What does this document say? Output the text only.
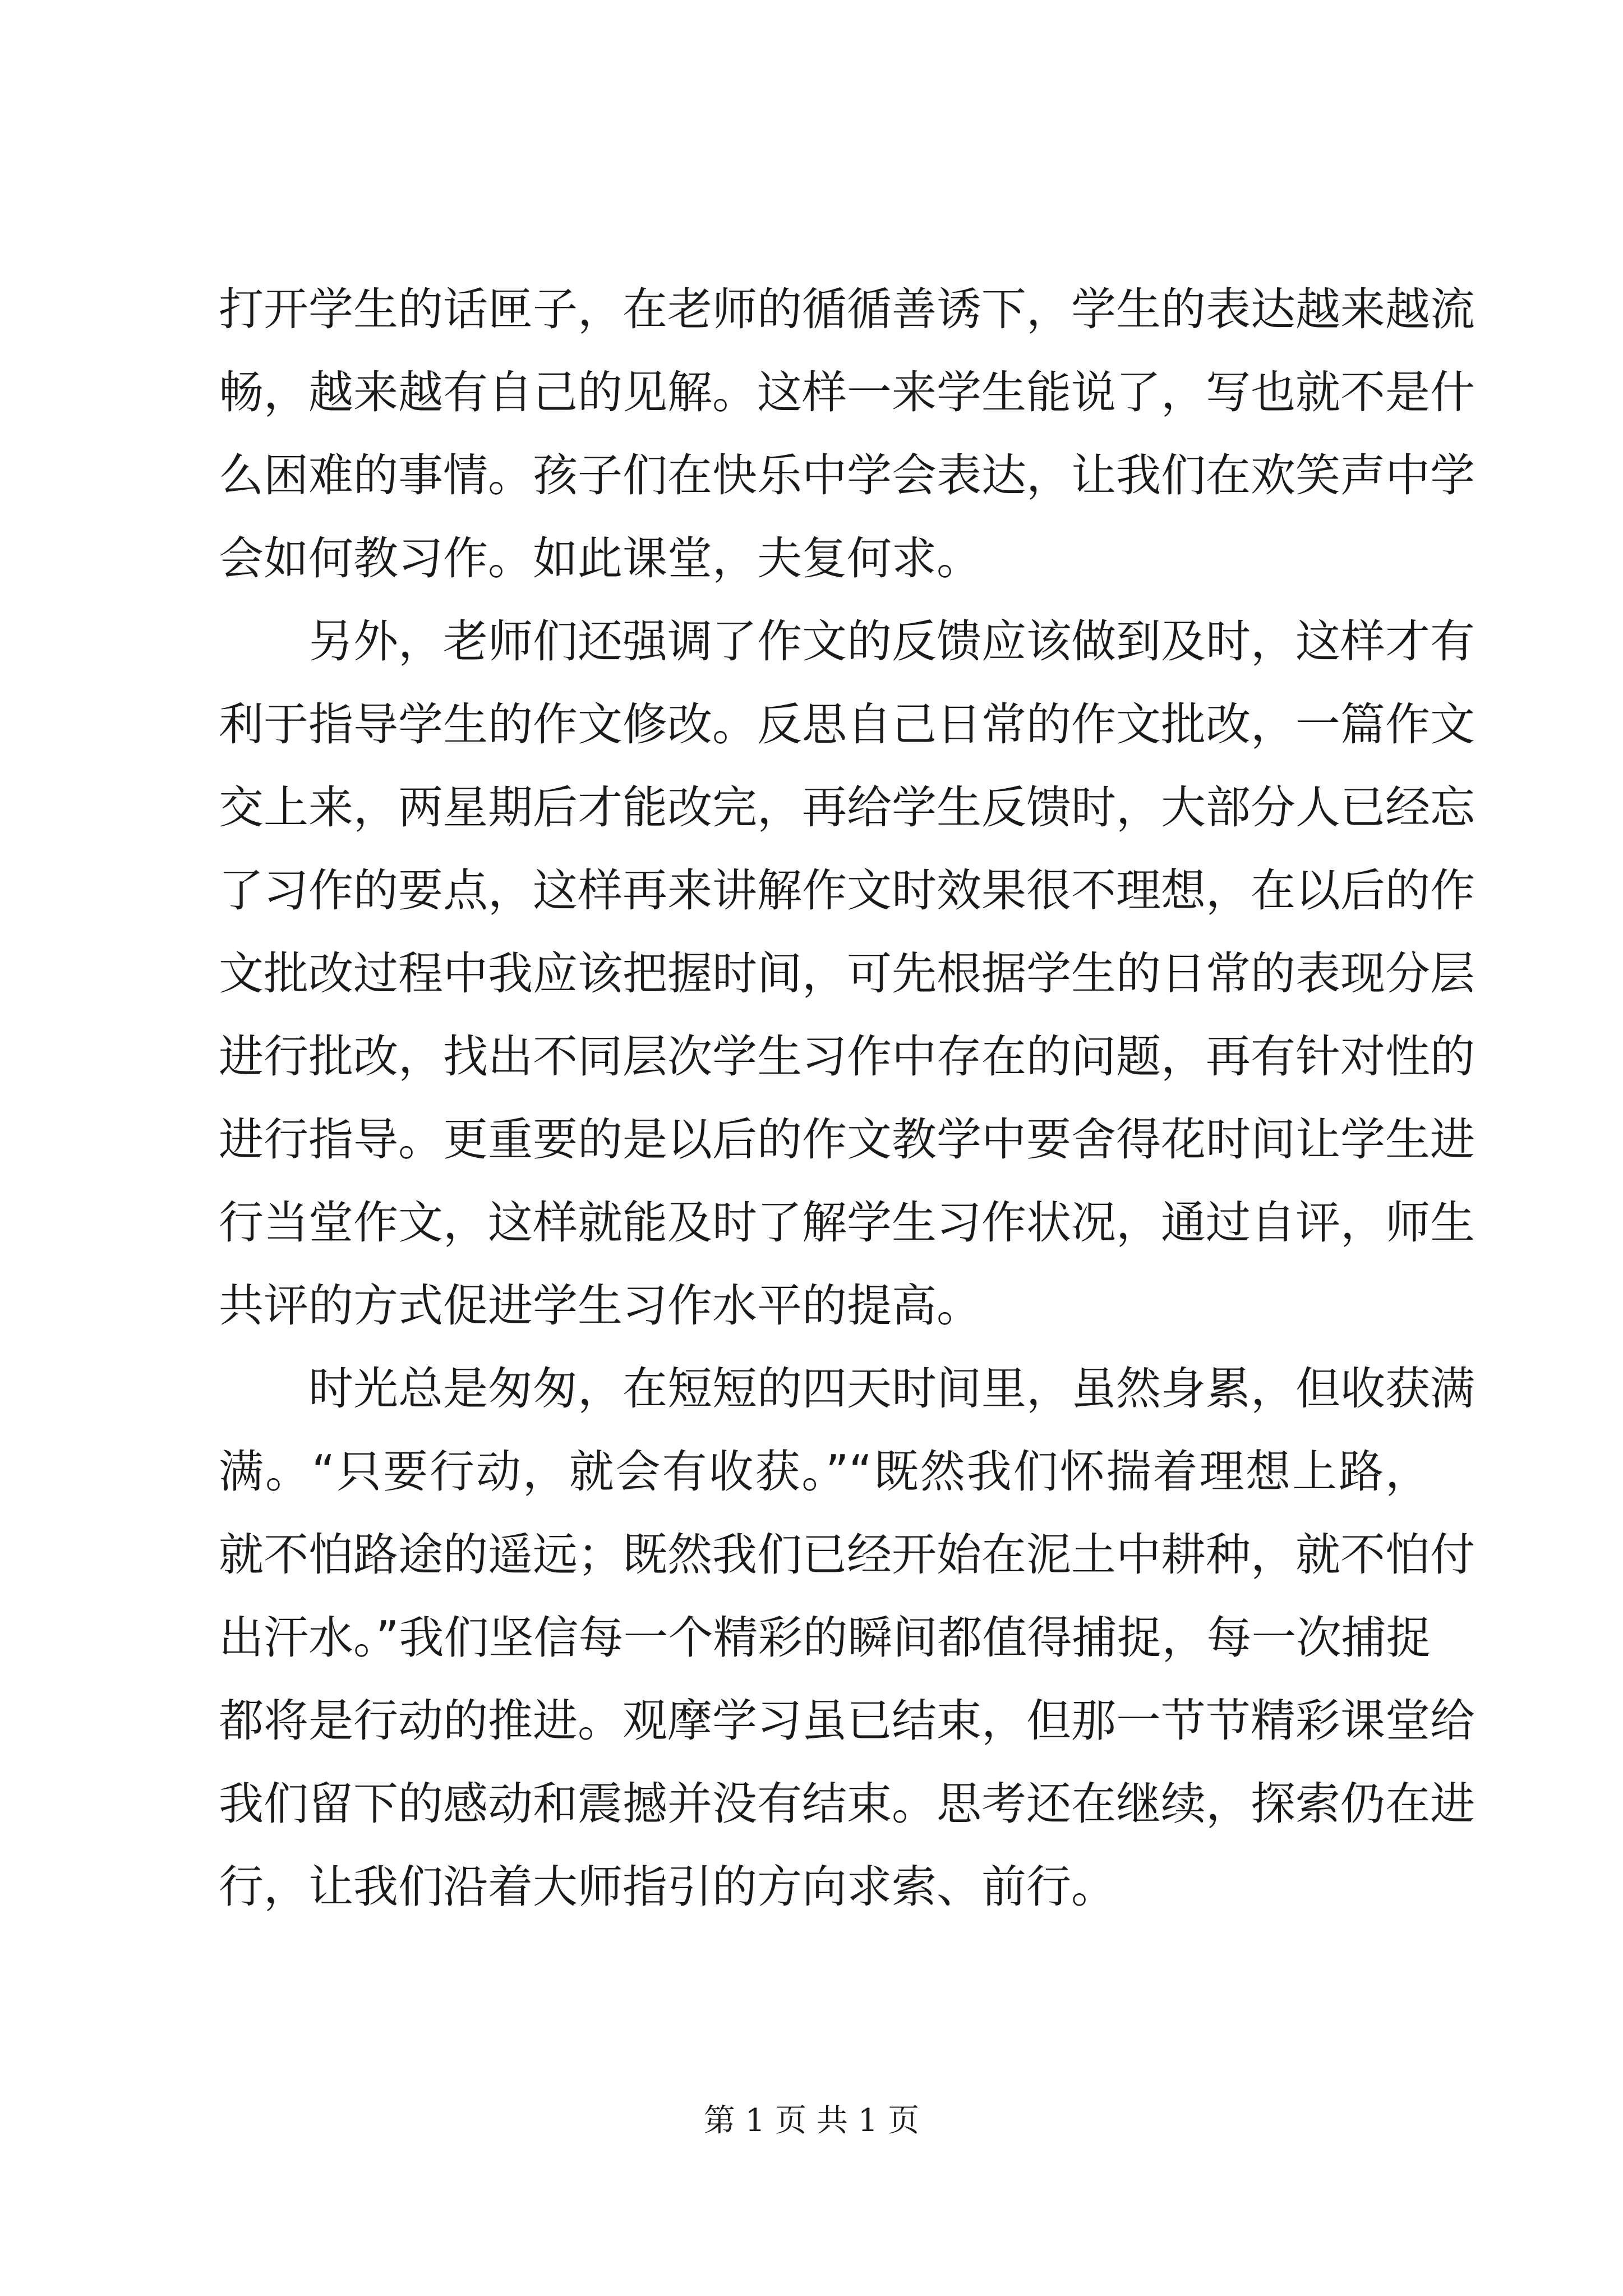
打开学生的话匣子，在老师的循循善诱下，学生的表达越来越流
畅，越来越有自己的见解。这样一来学生能说了，写也就不是什
么困难的事情。孩子们在快乐中学会表达，让我们在欢笑声中学
会如何教习作。如此课堂，夫复何求。
　　另外，老师们还强调了作文的反馈应该做到及时，这样才有
利于指导学生的作文修改。反思自己日常的作文批改，一篇作文
交上来，两星期后才能改完，再给学生反馈时，大部分人已经忘
了习作的要点，这样再来讲解作文时效果很不理想，在以后的作
文批改过程中我应该把握时间，可先根据学生的日常的表现分层
进行批改，找出不同层次学生习作中存在的问题，再有针对性的
进行指导。更重要的是以后的作文教学中要舍得花时间让学生进
行当堂作文，这样就能及时了解学生习作状况，通过自评，师生
共评的方式促进学生习作水平的提高。
　　时光总是匆匆，在短短的四天时间里，虽然身累，但收获满
满。“只要行动，就会有收获。”“既然我们怀揣着理想上路，
就不怕路途的遥远；既然我们已经开始在泥土中耕种，就不怕付
出汗水。”我们坚信每一个精彩的瞬间都值得捕捉，每一次捕捉
都将是行动的推进。观摩学习虽已结束，但那一节节精彩课堂给
我们留下的感动和震撼并没有结束。思考还在继续，探索仍在进
行，让我们沿着大师指引的方向求索、前行。
第 1 页 共 1 页
